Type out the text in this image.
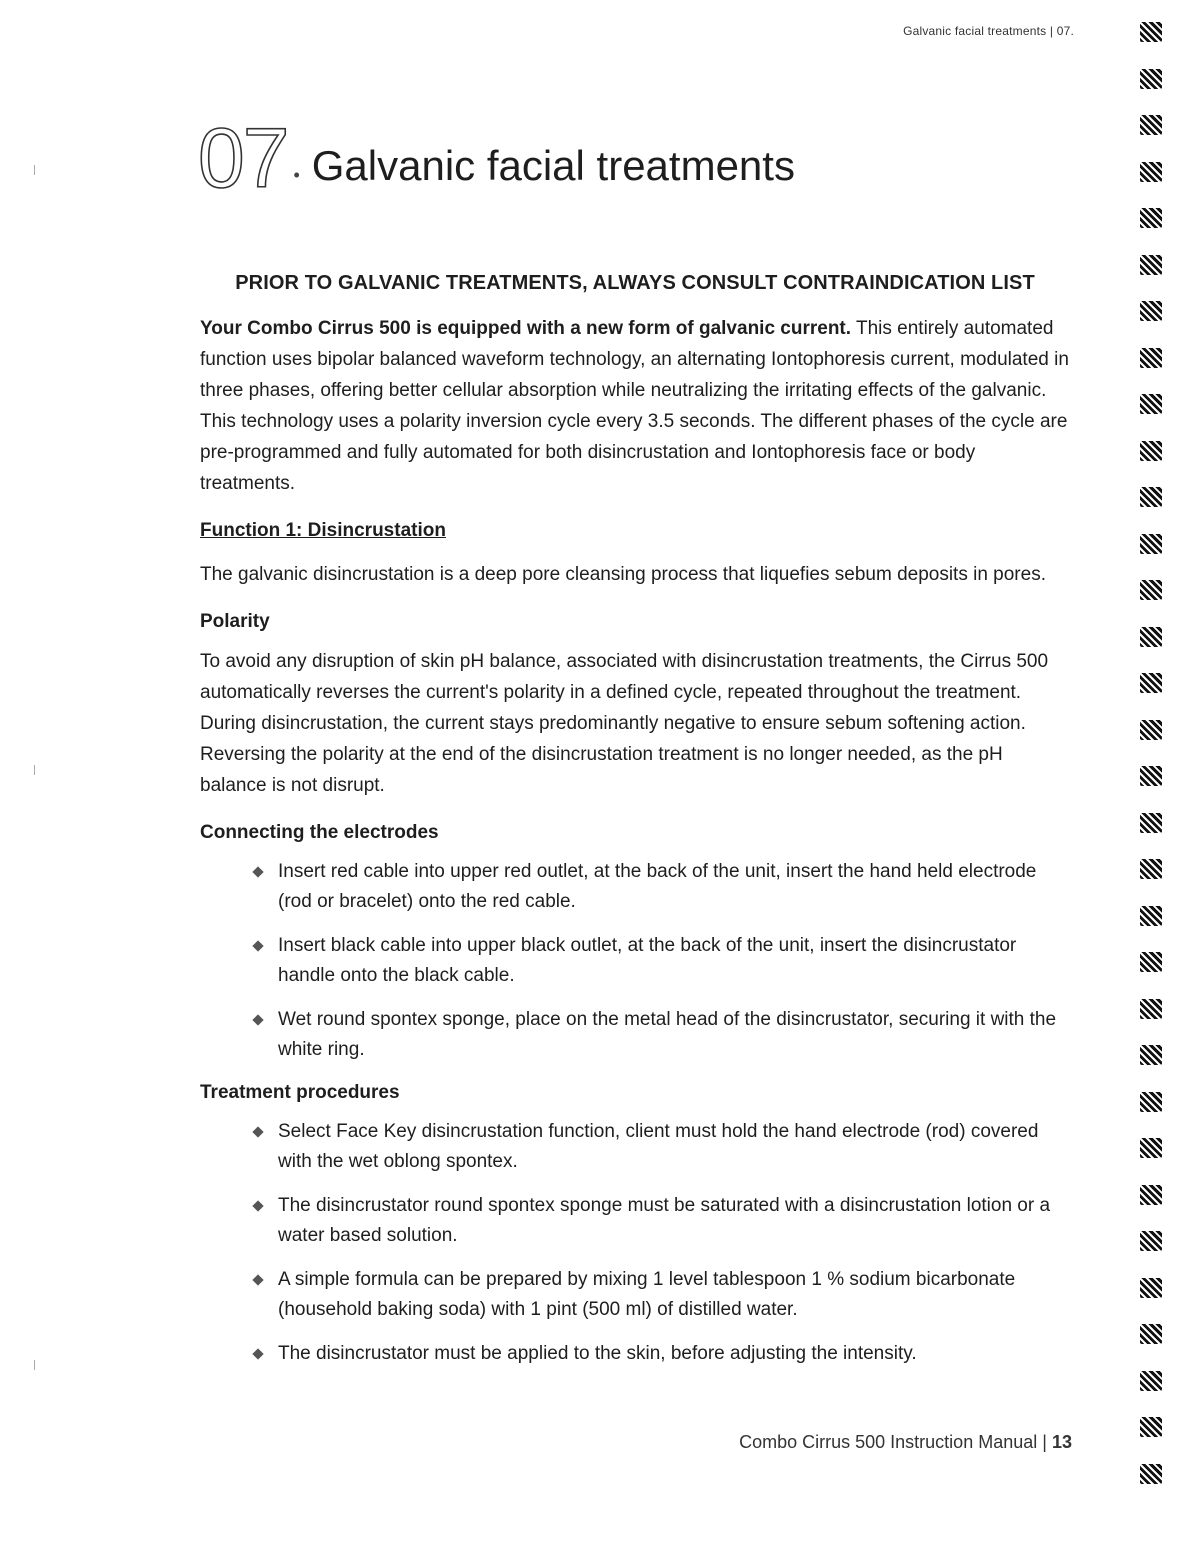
Galvanic facial treatments | 07.
07 • Galvanic facial treatments

PRIOR TO GALVANIC TREATMENTS, ALWAYS CONSULT CONTRAINDICATION LIST

Your Combo Cirrus 500 is equipped with a new form of galvanic current. This entirely automated function uses bipolar balanced waveform technology, an alternating Iontophoresis current, modulated in three phases, offering better cellular absorption while neutralizing the irritating effects of the galvanic. This technology uses a polarity inversion cycle every 3.5 seconds. The different phases of the cycle are pre-programmed and fully automated for both disincrustation and Iontophoresis face or body treatments.

Function 1: Disincrustation

The galvanic disincrustation is a deep pore cleansing process that liquefies sebum deposits in pores.

Polarity

To avoid any disruption of skin pH balance, associated with disincrustation treatments, the Cirrus 500 automatically reverses the current's polarity in a defined cycle, repeated throughout the treatment. During disincrustation, the current stays predominantly negative to ensure sebum softening action. Reversing the polarity at the end of the disincrustation treatment is no longer needed, as the pH balance is not disrupt.

Connecting the electrodes
Insert red cable into upper red outlet, at the back of the unit, insert the hand held electrode (rod or bracelet) onto the red cable.
Insert black cable into upper black outlet, at the back of the unit, insert the disincrustator handle onto the black cable.
Wet round spontex sponge, place on the metal head of the disincrustator, securing it with the white ring.
Treatment procedures
Select Face Key disincrustation function, client must hold the hand electrode (rod) covered with the wet oblong spontex.
The disincrustator round spontex sponge must be saturated with a disincrustation lotion or a water based solution.
A simple formula can be prepared by mixing 1 level tablespoon 1 % sodium bicarbonate (household baking soda) with 1 pint (500 ml) of distilled water.
The disincrustator must be applied to the skin, before adjusting the intensity.
Combo Cirrus 500 Instruction Manual | 13
